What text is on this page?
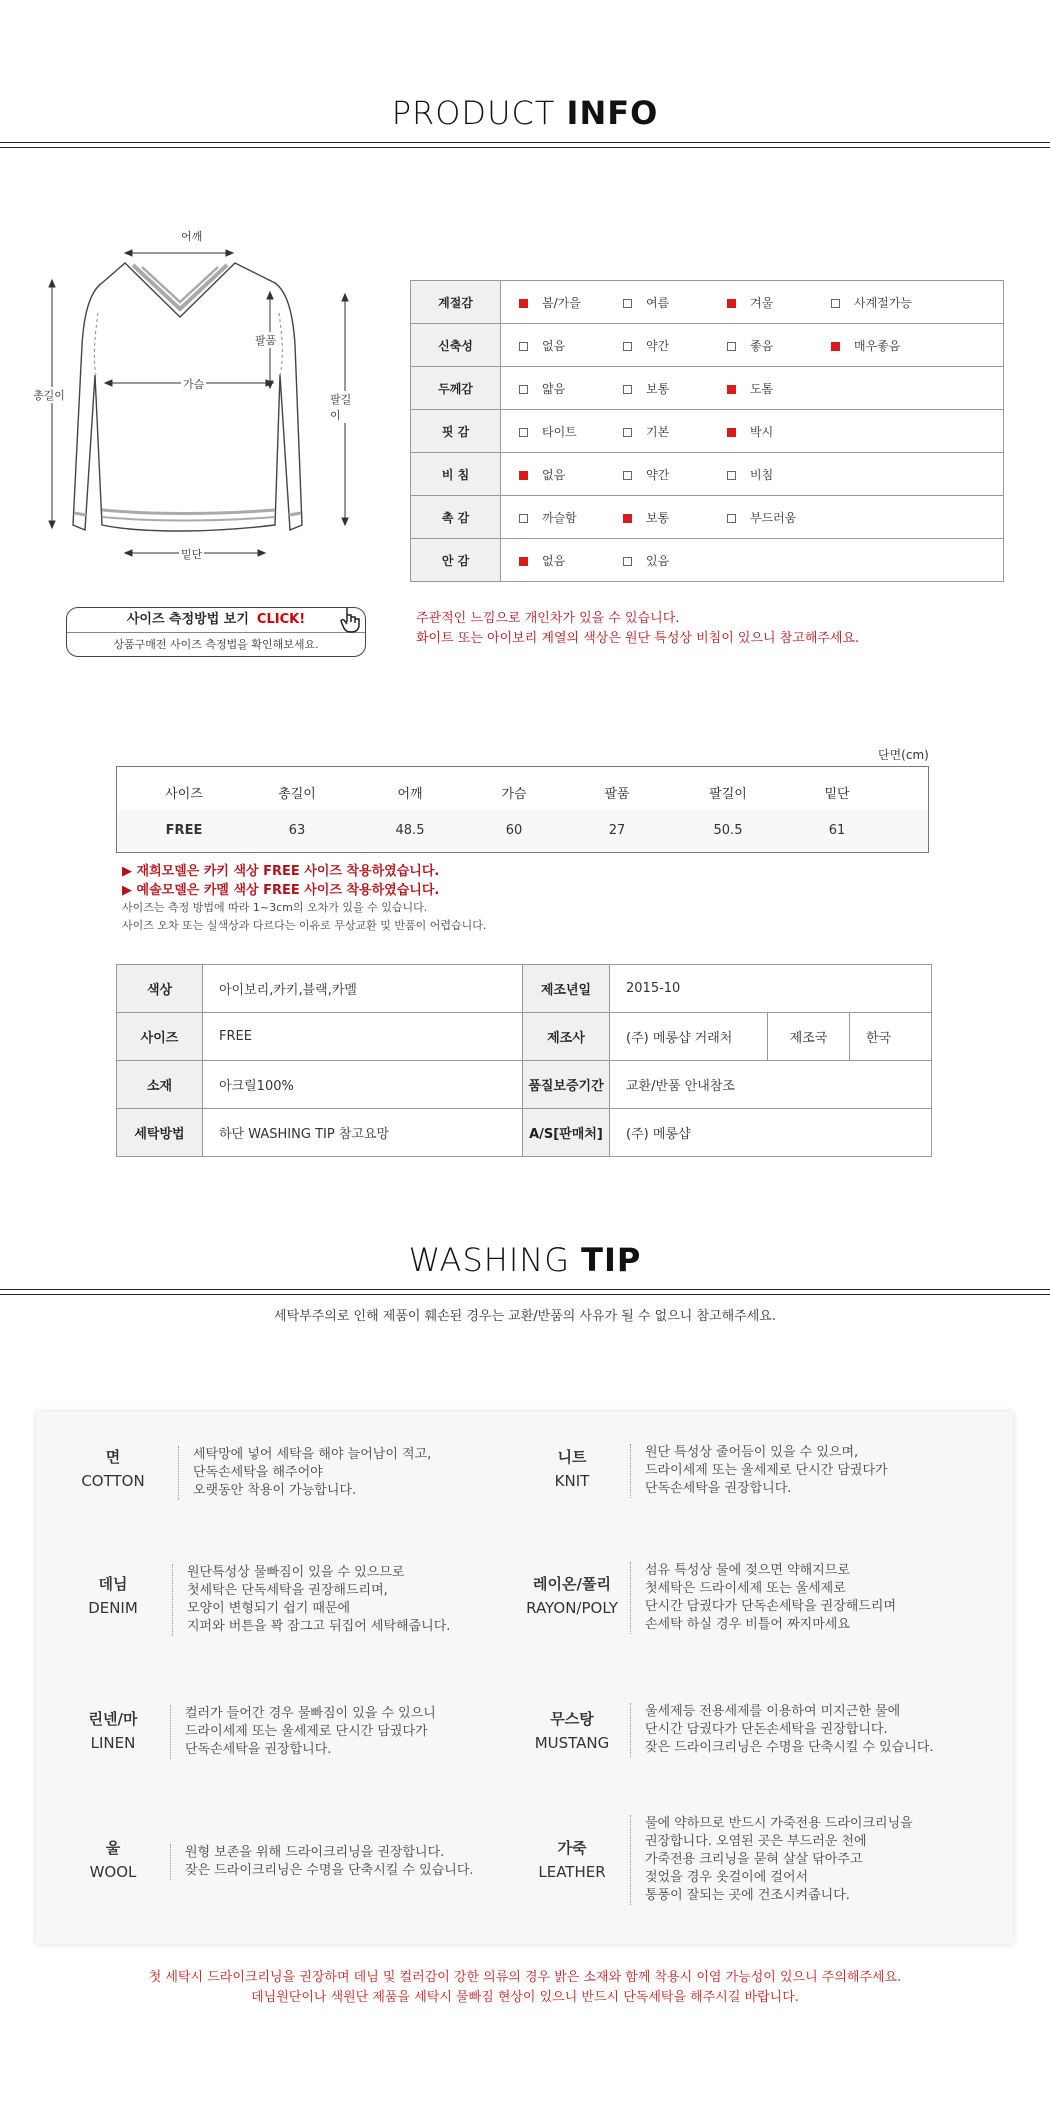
PRODUCT INFO
어깨
팔품
가슴
총길이	팔길이
밑단
사이즈 측정방법 보기 CLICK!
상품구매전 사이즈 측정법을 확인해보세요.
계절감	봄/가을 여름 겨울 사계절가능
신축성	없음 약간 좋음 매우좋음
두께감	얇음 보통 도톰
핏 감	타이트 기본 박시
비 침	없음 약간 비침
촉 감	까슬함 보통 부드러움
안 감	없음 있음
주관적인 느낌으로 개인차가 있을 수 있습니다.
화이트 또는 아이보리 계열의 색상은 원단 특성상 비침이 있으니 참고해주세요.
단면(cm)
사이즈	총길이	어깨	가슴	팔품	팔길이	밑단
FREE	63	48.5	60	27	50.5	61
▶ 재희모델은 카키 색상 FREE 사이즈 착용하였습니다.
▶ 예솔모델은 카멜 색상 FREE 사이즈 착용하였습니다.
사이즈는 측정 방법에 따라 1~3cm의 오차가 있을 수 있습니다.
사이즈 오차 또는 실색상과 다르다는 이유로 무상교환 및 반품이 어렵습니다.
색상	아이보리,카키,블랙,카멜	제조년일	2015-10		
사이즈	FREE	제조사	(주) 메롱샵 거래처	제조국	한국
소재	아크릴100%	품질보증기간	교환/반품 안내참조		
세탁방법	하단 WASHING TIP 참고요망	A/S[판매처]	(주) 메롱샵		
WASHING TIP
세탁부주의로 인해 제품이 훼손된 경우는 교환/반품의 사유가 될 수 없으니 참고해주세요.
면
COTTON
세탁망에 넣어 세탁을 해야 늘어남이 적고,
단독손세탁을 해주어야
오랫동안 착용이 가능합니다.
니트
KNIT
원단 특성상 줄어듬이 있을 수 있으며,
드라이세제 또는 울세제로 단시간 담궜다가
단독손세탁을 권장합니다.
데님
DENIM
원단특성상 물빠짐이 있을 수 있으므로
첫세탁은 단독세탁을 권장해드리며,
모양이 변형되기 쉽기 때문에
지퍼와 버튼을 꽉 잠그고 뒤집어 세탁해줍니다.
레이온/폴리
RAYON/POLY
섬유 특성상 물에 젖으면 약해지므로
첫세탁은 드라이세제 또는 울세제로
단시간 담궜다가 단독손세탁을 권장해드리며
손세탁 하실 경우 비틀어 짜지마세요
린넨/마
LINEN
컬러가 들어간 경우 물빠짐이 있을 수 있으니
드라이세제 또는 울세제로 단시간 담궜다가
단독손세탁을 권장합니다.
무스탕
MUSTANG
울세제등 전용세제를 이용하여 미지근한 물에
단시간 담궜다가 단돈손세탁을 권장합니다.
잦은 드라이크리닝은 수명을 단축시킬 수 있습니다.
울
WOOL
원형 보존을 위해 드라이크리닝을 권장합니다.
잦은 드라이크리닝은 수명을 단축시킬 수 있습니다.
가죽
LEATHER
물에 약하므로 반드시 가죽전용 드라이크리닝을
권장합니다. 오염된 곳은 부드러운 천에
가죽전용 크리닝을 묻혀 살살 닦아주고
젖었을 경우 옷걸이에 걸어서
통풍이 잘되는 곳에 건조시켜줍니다.
첫 세탁시 드라이크리닝을 권장하며 데님 및 컬러감이 강한 의류의 경우 밝은 소재와 함께 착용시 이염 가능성이 있으니 주의해주세요.
데님원단이나 색원단 제품을 세탁시 물빠짐 현상이 있으니 반드시 단독세탁을 해주시길 바랍니다.
